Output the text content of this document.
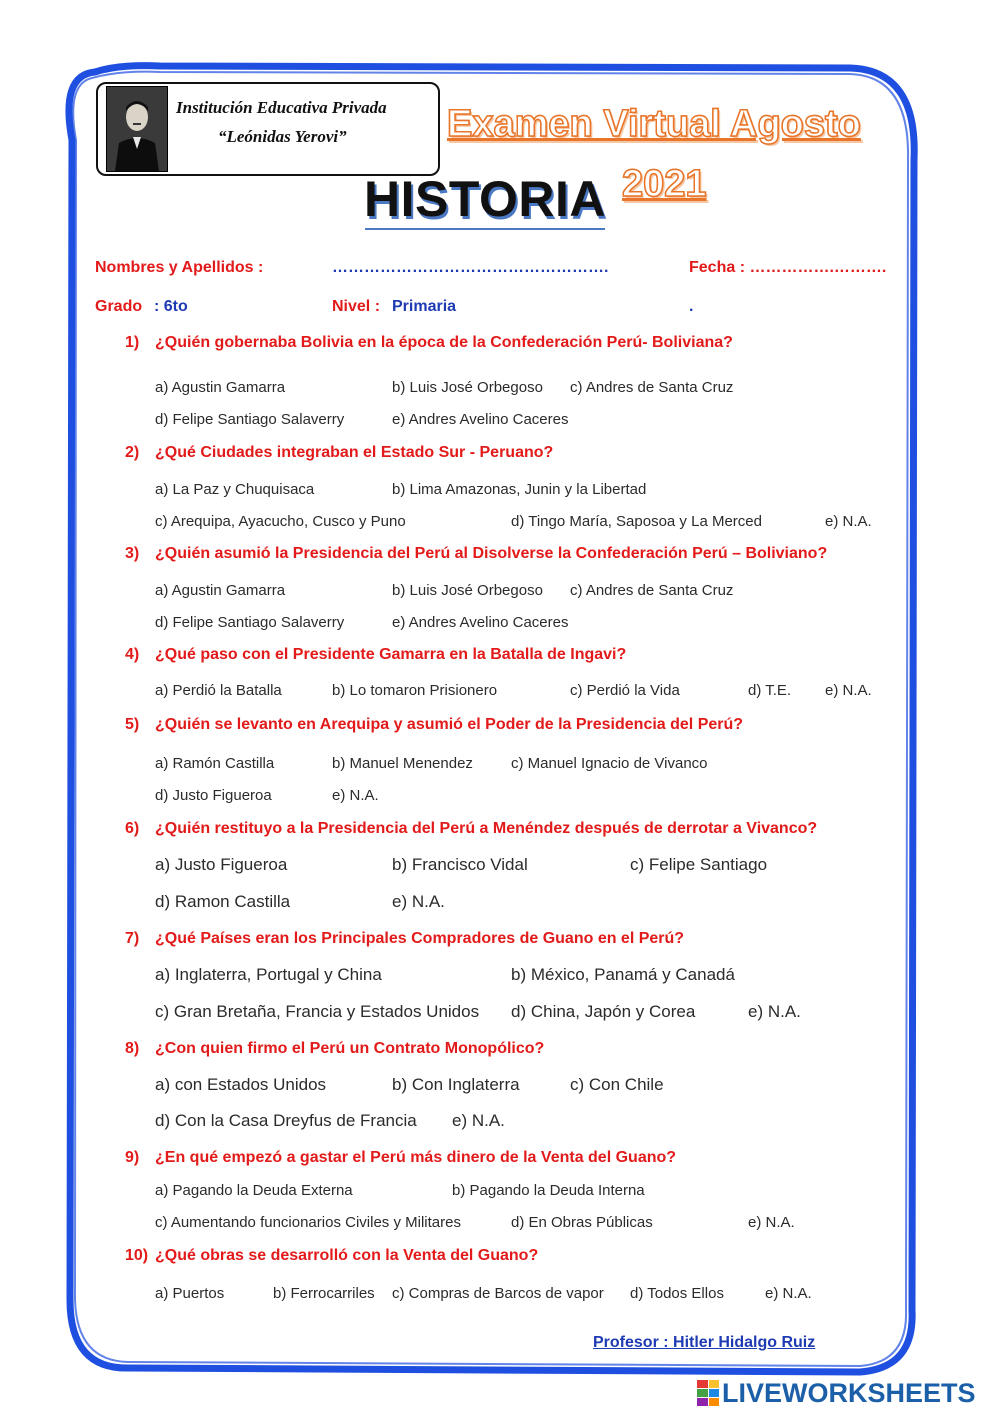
Institución Educativa Privada
“Leónidas Yerovi”	Examen Virtual Agosto
2021
HISTORIA
Nombres y Apellidos :	…………………………………………….	Fecha : …………….……….
Grado : 6to	Nivel : Primaria	.
1) ¿Quién gobernaba Bolivia en la época de la Confederación Perú- Boliviana?
a) Agustin Gamarra	b) Luis José Orbegoso c) Andres de Santa Cruz
d) Felipe Santiago Salaverry	e) Andres Avelino Caceres
2) ¿Qué Ciudades integraban el Estado Sur - Peruano?
a) La Paz y Chuquisaca	b) Lima Amazonas, Junin y la Libertad
c) Arequipa, Ayacucho, Cusco y Puno	d) Tingo María, Saposoa y La Merced	e) N.A.
3) ¿Quién asumió la Presidencia del Perú al Disolverse la Confederación Perú – Boliviano?
a) Agustin Gamarra	b) Luis José Orbegoso c) Andres de Santa Cruz
d) Felipe Santiago Salaverry	e) Andres Avelino Caceres
4) ¿Qué paso con el Presidente Gamarra en la Batalla de Ingavi?
a) Perdió la Batalla	b) Lo tomaron Prisionero	c) Perdió la Vida	d) T.E. e) N.A.
5) ¿Quién se levanto en Arequipa y asumió el Poder de la Presidencia del Perú?
a) Ramón Castilla	b) Manuel Menendez	c) Manuel Ignacio de Vivanco
d) Justo Figueroa	e) N.A.
6) ¿Quién restituyo a la Presidencia del Perú a Menéndez después de derrotar a Vivanco?
a) Justo Figueroa	b) Francisco Vidal	c) Felipe Santiago
d) Ramon Castilla	e) N.A.
7) ¿Qué Países eran los Principales Compradores de Guano en el Perú?
a) Inglaterra, Portugal y China	b) México, Panamá y Canadá
c) Gran Bretaña, Francia y Estados Unidos d) China, Japón y Corea	e) N.A.
8) ¿Con quien firmo el Perú un Contrato Monopólico?
a) con Estados Unidos	b) Con Inglaterra	c) Con Chile
d) Con la Casa Dreyfus de Francia e) N.A.
9) ¿En qué empezó a gastar el Perú más dinero de la Venta del Guano?
a) Pagando la Deuda Externa	b) Pagando la Deuda Interna
c) Aumentando funcionarios Civiles y Militares	d) En Obras Públicas	e) N.A.
10) ¿Qué obras se desarrolló con la Venta del Guano?
a) Puertos	b) Ferrocarriles c) Compras de Barcos de vapor d) Todos Ellos	e) N.A.
Profesor : Hitler Hidalgo Ruiz
LIVEWORKSHEETS
